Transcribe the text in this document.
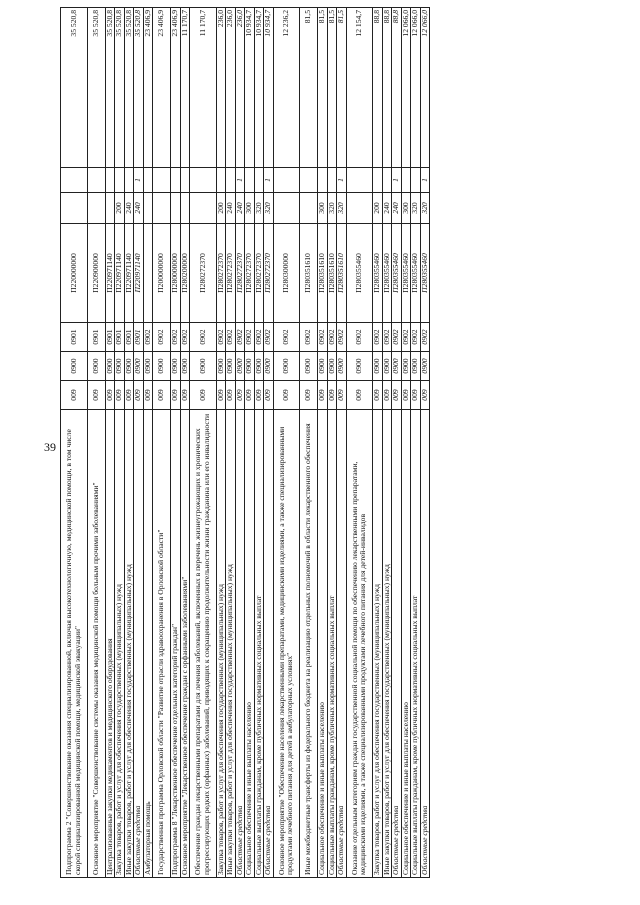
39 Подпрограмма 2 "Совершенствование оказания специализированной, включая высокотехнологичную, медицинской помощи, в том числе скорой специализированной медицинской помощи, медицинской эвакуации"	009	0900	0901	П220000000			35 520,8
Основное мероприятие "Совершенствование системы оказания медицинской помощи больным прочими заболеваниями"	009	0900	0901	П220900000			35 520,8
Централизованные закупки медикаментов и медицинского оборудования	009	0900	0901	П220971140			35 520,8
Закупка товаров, работ и услуг для обеспечения государственных (муниципальных) нужд	009	0900	0901	П220971140	200		35 520,8
Иные закупки товаров, работ и услуг для обеспечения государственных (муниципальных) нужд	009	0900	0901	П220971140	240		35 520,8
Областные средства	009	0900	0901	П220971140	240	1	35 520,8
Амбулаторная помощь	009	0900	0902				23 406,9
Государственная программа Орловской области "Развитие отрасли здравоохранения в Орловской области"	009	0900	0902	П200000000			23 406,9
Подпрограмма 8 "Лекарственное обеспечение отдельных категорий граждан"	009	0900	0902	П280000000			23 406,9
Основное мероприятие "Лекарственное обеспечение граждан с орфанными заболеваниями"	009	0900	0902	П280200000			11 170,7
Обеспечение граждан лекарственными препаратами для лечения заболеваний, включенных в перечень жизнеугрожающих и хронических прогрессирующих редких (орфанных) заболеваний, приводящих к сокращению продолжительности жизни гражданина или его инвалидности	009	0900	0902	П280272370			11 170,7
Закупка товаров, работ и услуг для обеспечения государственных (муниципальных) нужд	009	0900	0902	П280272370	200		236,0
Иные закупки товаров, работ и услуг для обеспечения государственных (муниципальных) нужд	009	0900	0902	П280272370	240		236,0
Областные средства	009	0900	0902	П280272370	240	1	236,0
Социальное обеспечение и иные выплаты населению	009	0900	0902	П280272370	300		10 934,7
Социальные выплаты гражданам, кроме публичных нормативных социальных выплат	009	0900	0902	П280272370	320		10 934,7
Областные средства	009	0900	0902	П280272370	320	1	10 934,7
Основное мероприятие "Обеспечение населения лекарственными препаратами, медицинскими изделиями, а также специализированными продуктами лечебного питания для детей в амбулаторных условиях"	009	0900	0902	П280300000			12 236,2
Иные межбюджетные трансферты из федерального бюджета на реализацию отдельных полномочий в области лекарственного обеспечения	009	0900	0902	П280351610			81,5
Социальное обеспечение и иные выплаты населению	009	0900	0902	П280351610	300		81,5
Социальные выплаты гражданам, кроме публичных нормативных социальных выплат	009	0900	0902	П280351610	320		81,5
Областные средства	009	0900	0902	П280351610	320	1	81,5
Оказание отдельным категориям граждан государственной социальной помощи по обеспечению лекарственными препаратами, медицинскими изделиями, а также специализированными продуктами лечебного питания для детей-инвалидов	009	0900	0902	П280355460			12 154,7
Закупка товаров, работ и услуг для обеспечения государственных (муниципальных) нужд	009	0900	0902	П280355460	200		88,8
Иные закупки товаров, работ и услуг для обеспечения государственных (муниципальных) нужд	009	0900	0902	П280355460	240		88,8
Областные средства	009	0900	0902	П280355460	240	1	88,8
Социальное обеспечение и иные выплаты населению	009	0900	0902	П280355460	300		12 066,0
Социальные выплаты гражданам, кроме публичных нормативных социальных выплат	009	0900	0902	П280355460	320		12 066,0
Областные средства	009	0900	0902	П280355460	320	1	12 066,0
